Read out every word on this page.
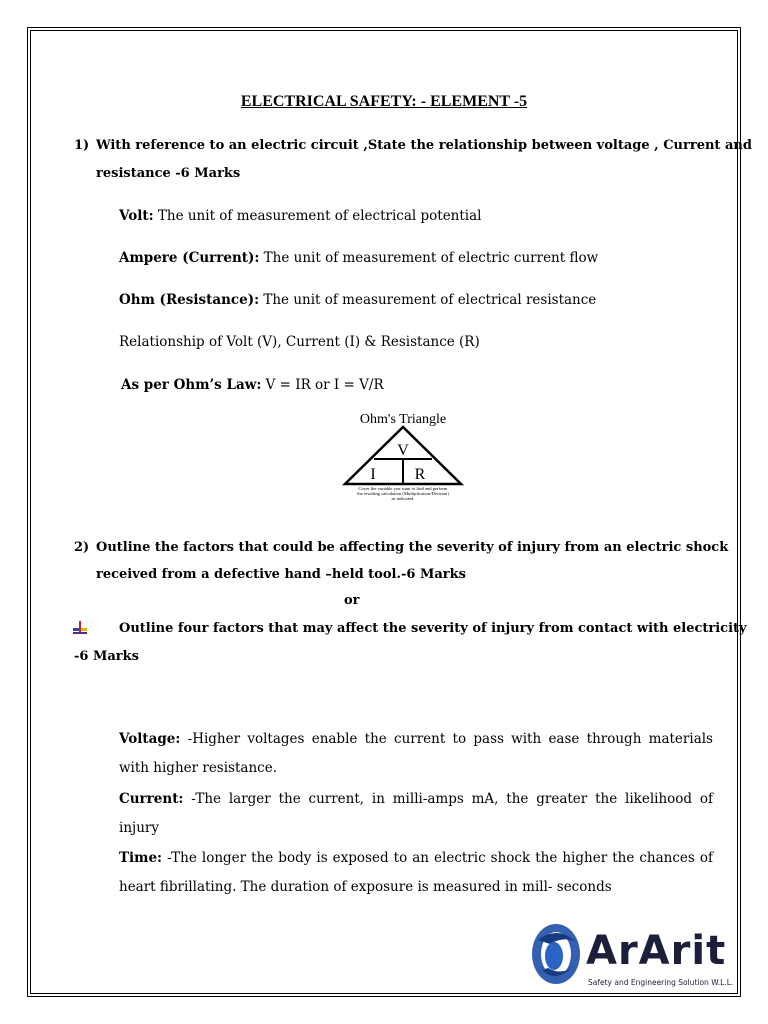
ELECTRICAL SAFETY: - ELEMENT -5
1) With reference to an electric circuit ,State the relationship between voltage , Current and
resistance -6 Marks
Volt: The unit of measurement of electrical potential
Ampere (Current): The unit of measurement of electric current flow
Ohm (Resistance): The unit of measurement of electrical resistance
Relationship of Volt (V), Current (I) & Resistance (R)
As per Ohm’s Law: V = IR or I = V/R
Ohm's Triangle
V
I R
Cover the variable you want to find and perform
the resulting calculation (Multiplication/Division)
as indicated.
2) Outline the factors that could be affecting the severity of injury from an electric shock
received from a defective hand –held tool.-6 Marks
or
Outline four factors that may affect the severity of injury from contact with electricity
-6 Marks
Voltage: -Higher voltages enable the current to pass with ease through materials with higher resistance.
Current: -The larger the current, in milli-amps mA, the greater the likelihood of injury
Time: -The longer the body is exposed to an electric shock the higher the chances of heart fibrillating. The duration of exposure is measured in mill- seconds
ArArit
Safety and Engineering Solution W.L.L.
